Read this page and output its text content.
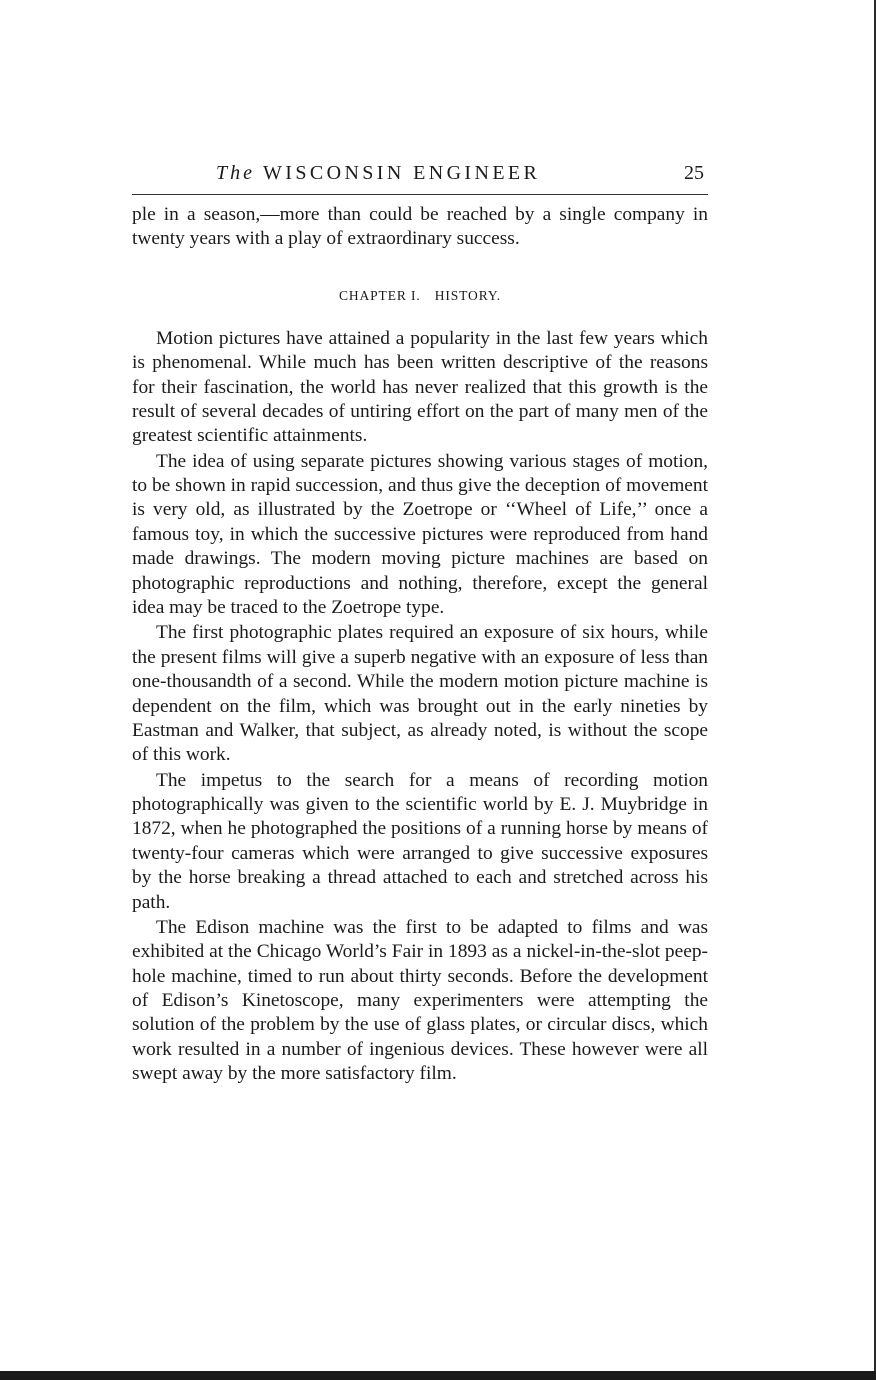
The WISCONSIN ENGINEER	25

ple in a season,—more than could be reached by a single company in twenty years with a play of extraordinary success.

CHAPTER I. HISTORY.

Motion pictures have attained a popularity in the last few years which is phenomenal. While much has been written descriptive of the reasons for their fascination, the world has never realized that this growth is the result of several decades of untiring effort on the part of many men of the greatest scientific attainments.

The idea of using separate pictures showing various stages of motion, to be shown in rapid succession, and thus give the deception of movement is very old, as illustrated by the Zoetrope or ‘‘Wheel of Life,’’ once a famous toy, in which the successive pictures were reproduced from hand made drawings. The modern moving picture machines are based on photographic reproductions and nothing, therefore, except the general idea may be traced to the Zoetrope type.

The first photographic plates required an exposure of six hours, while the present films will give a superb negative with an exposure of less than one-thousandth of a second. While the modern motion picture machine is dependent on the film, which was brought out in the early nineties by Eastman and Walker, that subject, as already noted, is without the scope of this work.

The impetus to the search for a means of recording motion photographically was given to the scientific world by E. J. Muybridge in 1872, when he photographed the positions of a running horse by means of twenty-four cameras which were arranged to give successive exposures by the horse breaking a thread attached to each and stretched across his path.

The Edison machine was the first to be adapted to films and was exhibited at the Chicago World’s Fair in 1893 as a nickel-in-the-slot peep-hole machine, timed to run about thirty seconds. Before the development of Edison’s Kinetoscope, many experimenters were attempting the solution of the problem by the use of glass plates, or circular discs, which work resulted in a number of ingenious devices. These however were all swept away by the more satisfactory film.
